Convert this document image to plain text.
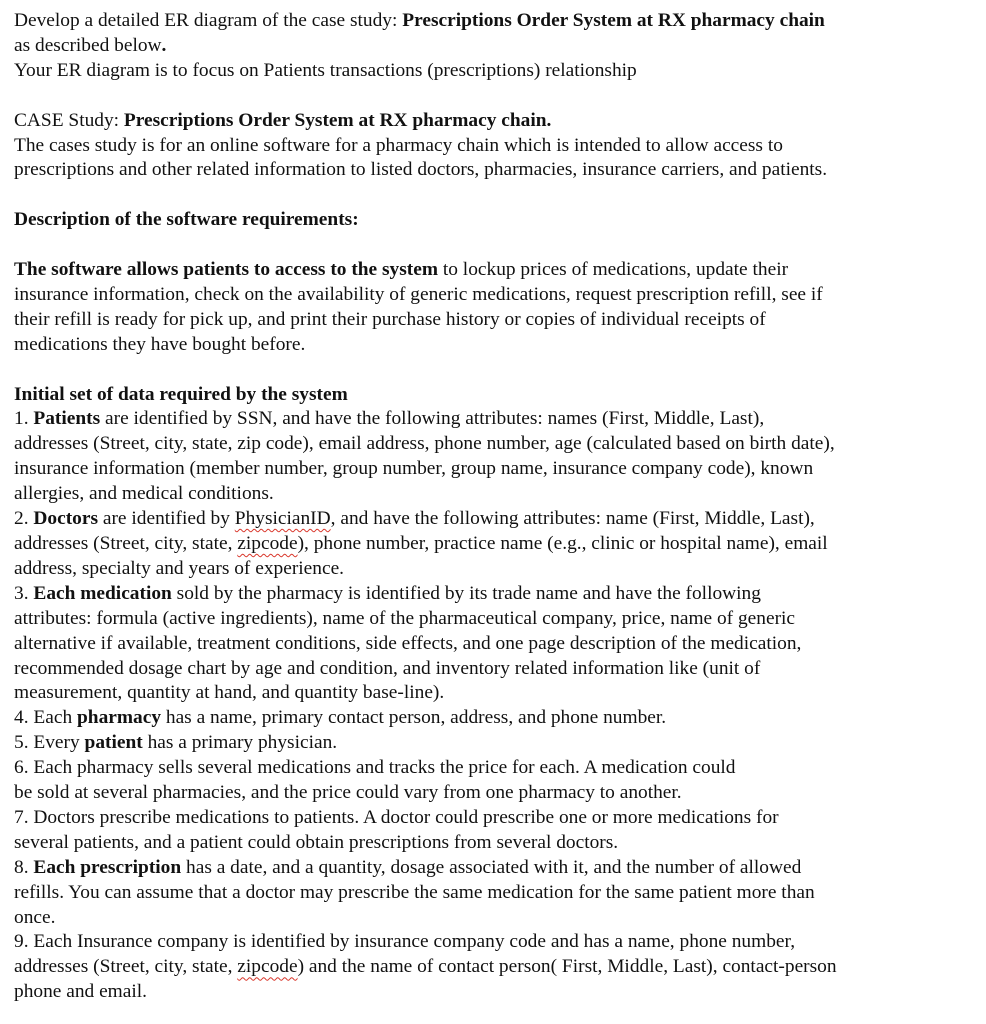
Develop a detailed ER diagram of the case study: Prescriptions Order System at RX pharmacy chain

as described below.

Your ER diagram is to focus on Patients transactions (prescriptions) relationship

CASE Study: Prescriptions Order System at RX pharmacy chain.

The cases study is for an online software for a pharmacy chain which is intended to allow access to

prescriptions and other related information to listed doctors, pharmacies, insurance carriers, and patients.

Description of the software requirements:

The software allows patients to access to the system to lockup prices of medications, update their

insurance information, check on the availability of generic medications, request prescription refill, see if

their refill is ready for pick up, and print their purchase history or copies of individual receipts of

medications they have bought before.

Initial set of data required by the system

1. Patients are identified by SSN, and have the following attributes: names (First, Middle, Last),

addresses (Street, city, state, zip code), email address, phone number, age (calculated based on birth date),

insurance information (member number, group number, group name, insurance company code), known

allergies, and medical conditions.

2. Doctors are identified by PhysicianID, and have the following attributes: name (First, Middle, Last),

addresses (Street, city, state, zipcode), phone number, practice name (e.g., clinic or hospital name), email

address, specialty and years of experience.

3. Each medication sold by the pharmacy is identified by its trade name and have the following

attributes: formula (active ingredients), name of the pharmaceutical company, price, name of generic

alternative if available, treatment conditions, side effects, and one page description of the medication,

recommended dosage chart by age and condition, and inventory related information like (unit of

measurement, quantity at hand, and quantity base-line).

4. Each pharmacy has a name, primary contact person, address, and phone number.

5. Every patient has a primary physician.

6. Each pharmacy sells several medications and tracks the price for each. A medication could

be sold at several pharmacies, and the price could vary from one pharmacy to another.

7. Doctors prescribe medications to patients. A doctor could prescribe one or more medications for

several patients, and a patient could obtain prescriptions from several doctors.

8. Each prescription has a date, and a quantity, dosage associated with it, and the number of allowed

refills. You can assume that a doctor may prescribe the same medication for the same patient more than

once.

9. Each Insurance company is identified by insurance company code and has a name, phone number,

addresses (Street, city, state, zipcode) and the name of contact person( First, Middle, Last), contact-person

phone and email.
